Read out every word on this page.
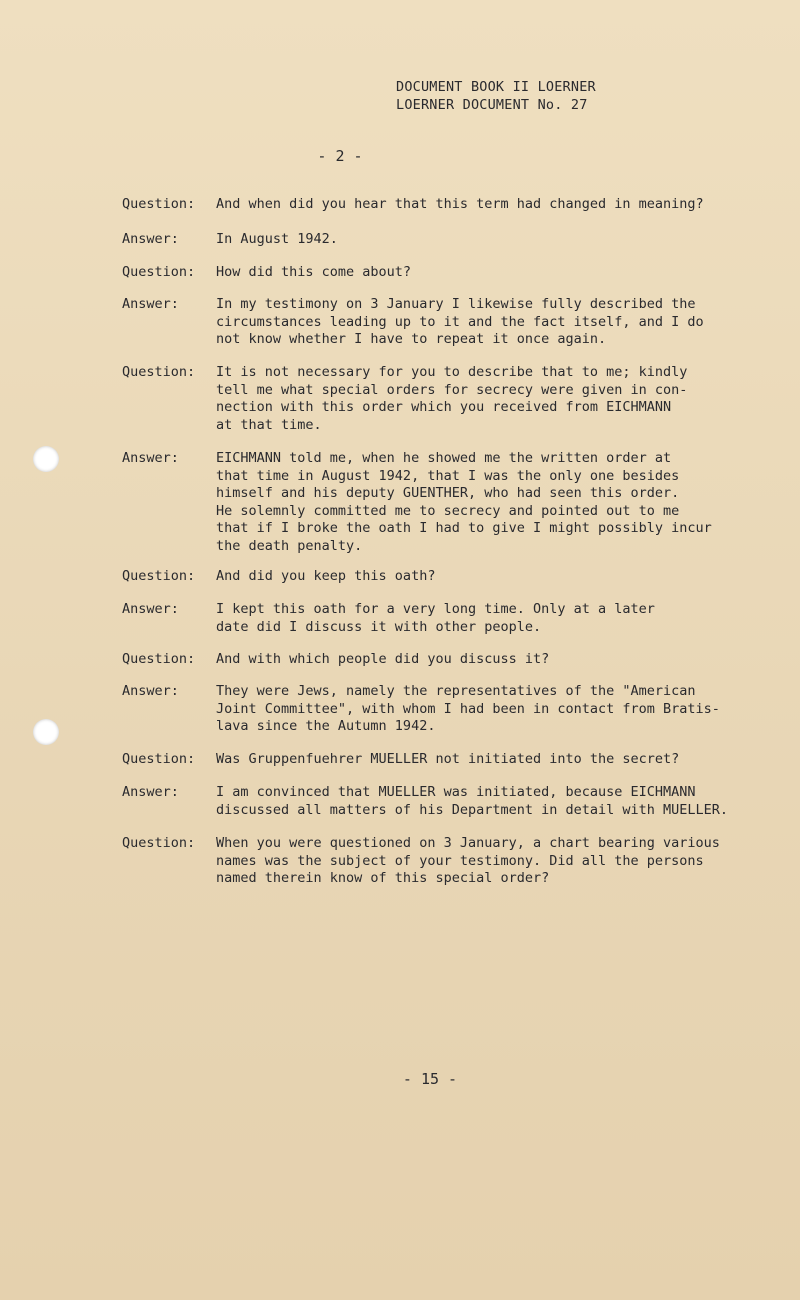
DOCUMENT BOOK II LOERNER
LOERNER DOCUMENT No. 27
- 2 -
Question:	And when did you hear that this term had changed in meaning?
Answer:	In August 1942.
Question:	How did this come about?
Answer:	In my testimony on 3 January I likewise fully described the
circumstances leading up to it and the fact itself, and I do
not know whether I have to repeat it once again.
Question:	It is not necessary for you to describe that to me; kindly
tell me what special orders for secrecy were given in con-
nection with this order which you received from EICHMANN
at that time.
Answer:	EICHMANN told me, when he showed me the written order at
that time in August 1942, that I was the only one besides
himself and his deputy GUENTHER, who had seen this order.
He solemnly committed me to secrecy and pointed out to me
that if I broke the oath I had to give I might possibly incur
the death penalty.
Question:	And did you keep this oath?
Answer:	I kept this oath for a very long time. Only at a later
date did I discuss it with other people.
Question:	And with which people did you discuss it?
Answer:	They were Jews, namely the representatives of the "American
Joint Committee", with whom I had been in contact from Bratis-
lava since the Autumn 1942.
Question:	Was Gruppenfuehrer MUELLER not initiated into the secret?
Answer:	I am convinced that MUELLER was initiated, because EICHMANN
discussed all matters of his Department in detail with MUELLER.
Question:	When you were questioned on 3 January, a chart bearing various
names was the subject of your testimony. Did all the persons
named therein know of this special order?
- 15 -
